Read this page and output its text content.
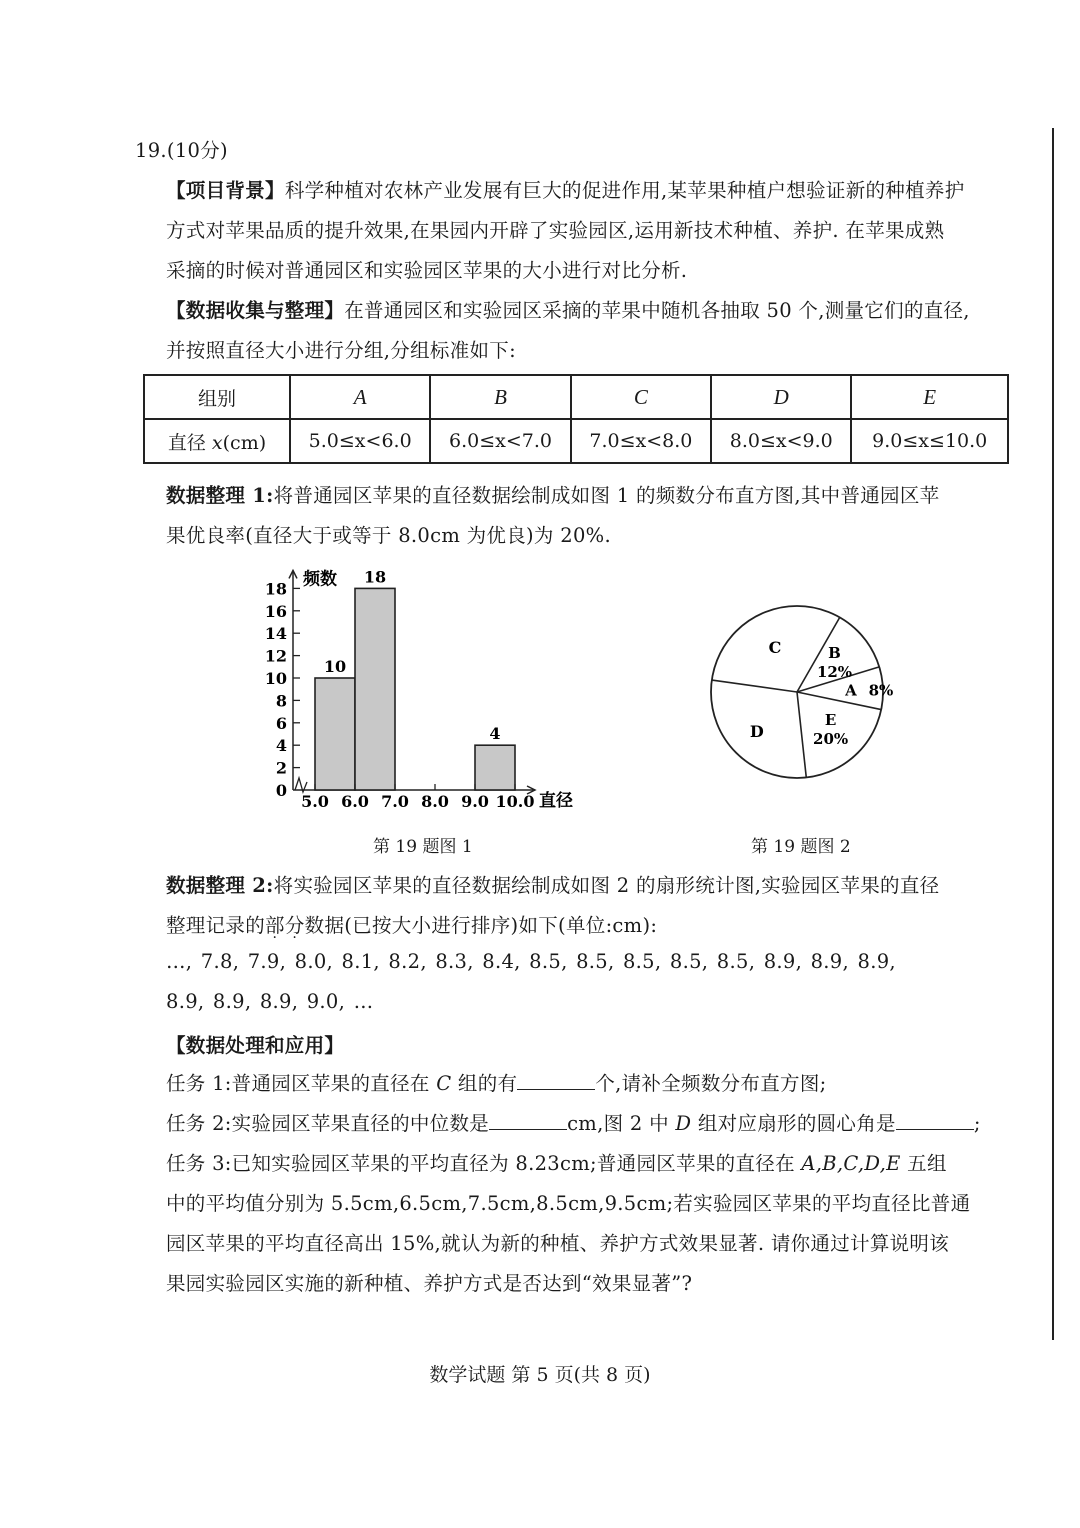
19.(10分)
【项目背景】科学种植对农林产业发展有巨大的促进作用,某苹果种植户想验证新的种植养护
方式对苹果品质的提升效果,在果园内开辟了实验园区,运用新技术种植、养护. 在苹果成熟
采摘的时候对普通园区和实验园区苹果的大小进行对比分析.
【数据收集与整理】在普通园区和实验园区采摘的苹果中随机各抽取 50 个,测量它们的直径,
并按照直径大小进行分组,分组标准如下:
组别	A	B	C	D	E
直径 x(cm)	5.0≤x<6.0	6.0≤x<7.0	7.0≤x<8.0	8.0≤x<9.0	9.0≤x≤10.0
数据整理 1:将普通园区苹果的直径数据绘制成如图 1 的频数分布直方图,其中普通园区苹
果优良率(直径大于或等于 8.0cm 为优良)为 20%.
频数
直径
10
18
4
0
2
4
6
8
10
12
14
16
18
5.0 6.0 7.0 8.0 9.0 10.0
第 19 题图 1
A 8%
B
12%
C
D
E
20%
第 19 题图 2
数据整理 2:将实验园区苹果的直径数据绘制成如图 2 的扇形统计图,实验园区苹果的直径
整理记录的部分数据(已按大小进行排序)如下(单位:cm):
…, 7.8, 7.9, 8.0, 8.1, 8.2, 8.3, 8.4, 8.5, 8.5, 8.5, 8.5, 8.5, 8.9, 8.9, 8.9,
8.9, 8.9, 8.9, 9.0, …
【数据处理和应用】
任务 1:普通园区苹果的直径在 C 组的有	个,请补全频数分布直方图;
任务 2:实验园区苹果直径的中位数是	cm,图 2 中 D 组对应扇形的圆心角是	;
任务 3:已知实验园区苹果的平均直径为 8.23cm;普通园区苹果的直径在 A,B,C,D,E 五组
中的平均值分别为 5.5cm,6.5cm,7.5cm,8.5cm,9.5cm;若实验园区苹果的平均直径比普通
园区苹果的平均直径高出 15%,就认为新的种植、养护方式效果显著. 请你通过计算说明该
果园实验园区实施的新种植、养护方式是否达到“效果显著”?
数学试题 第 5 页(共 8 页)
